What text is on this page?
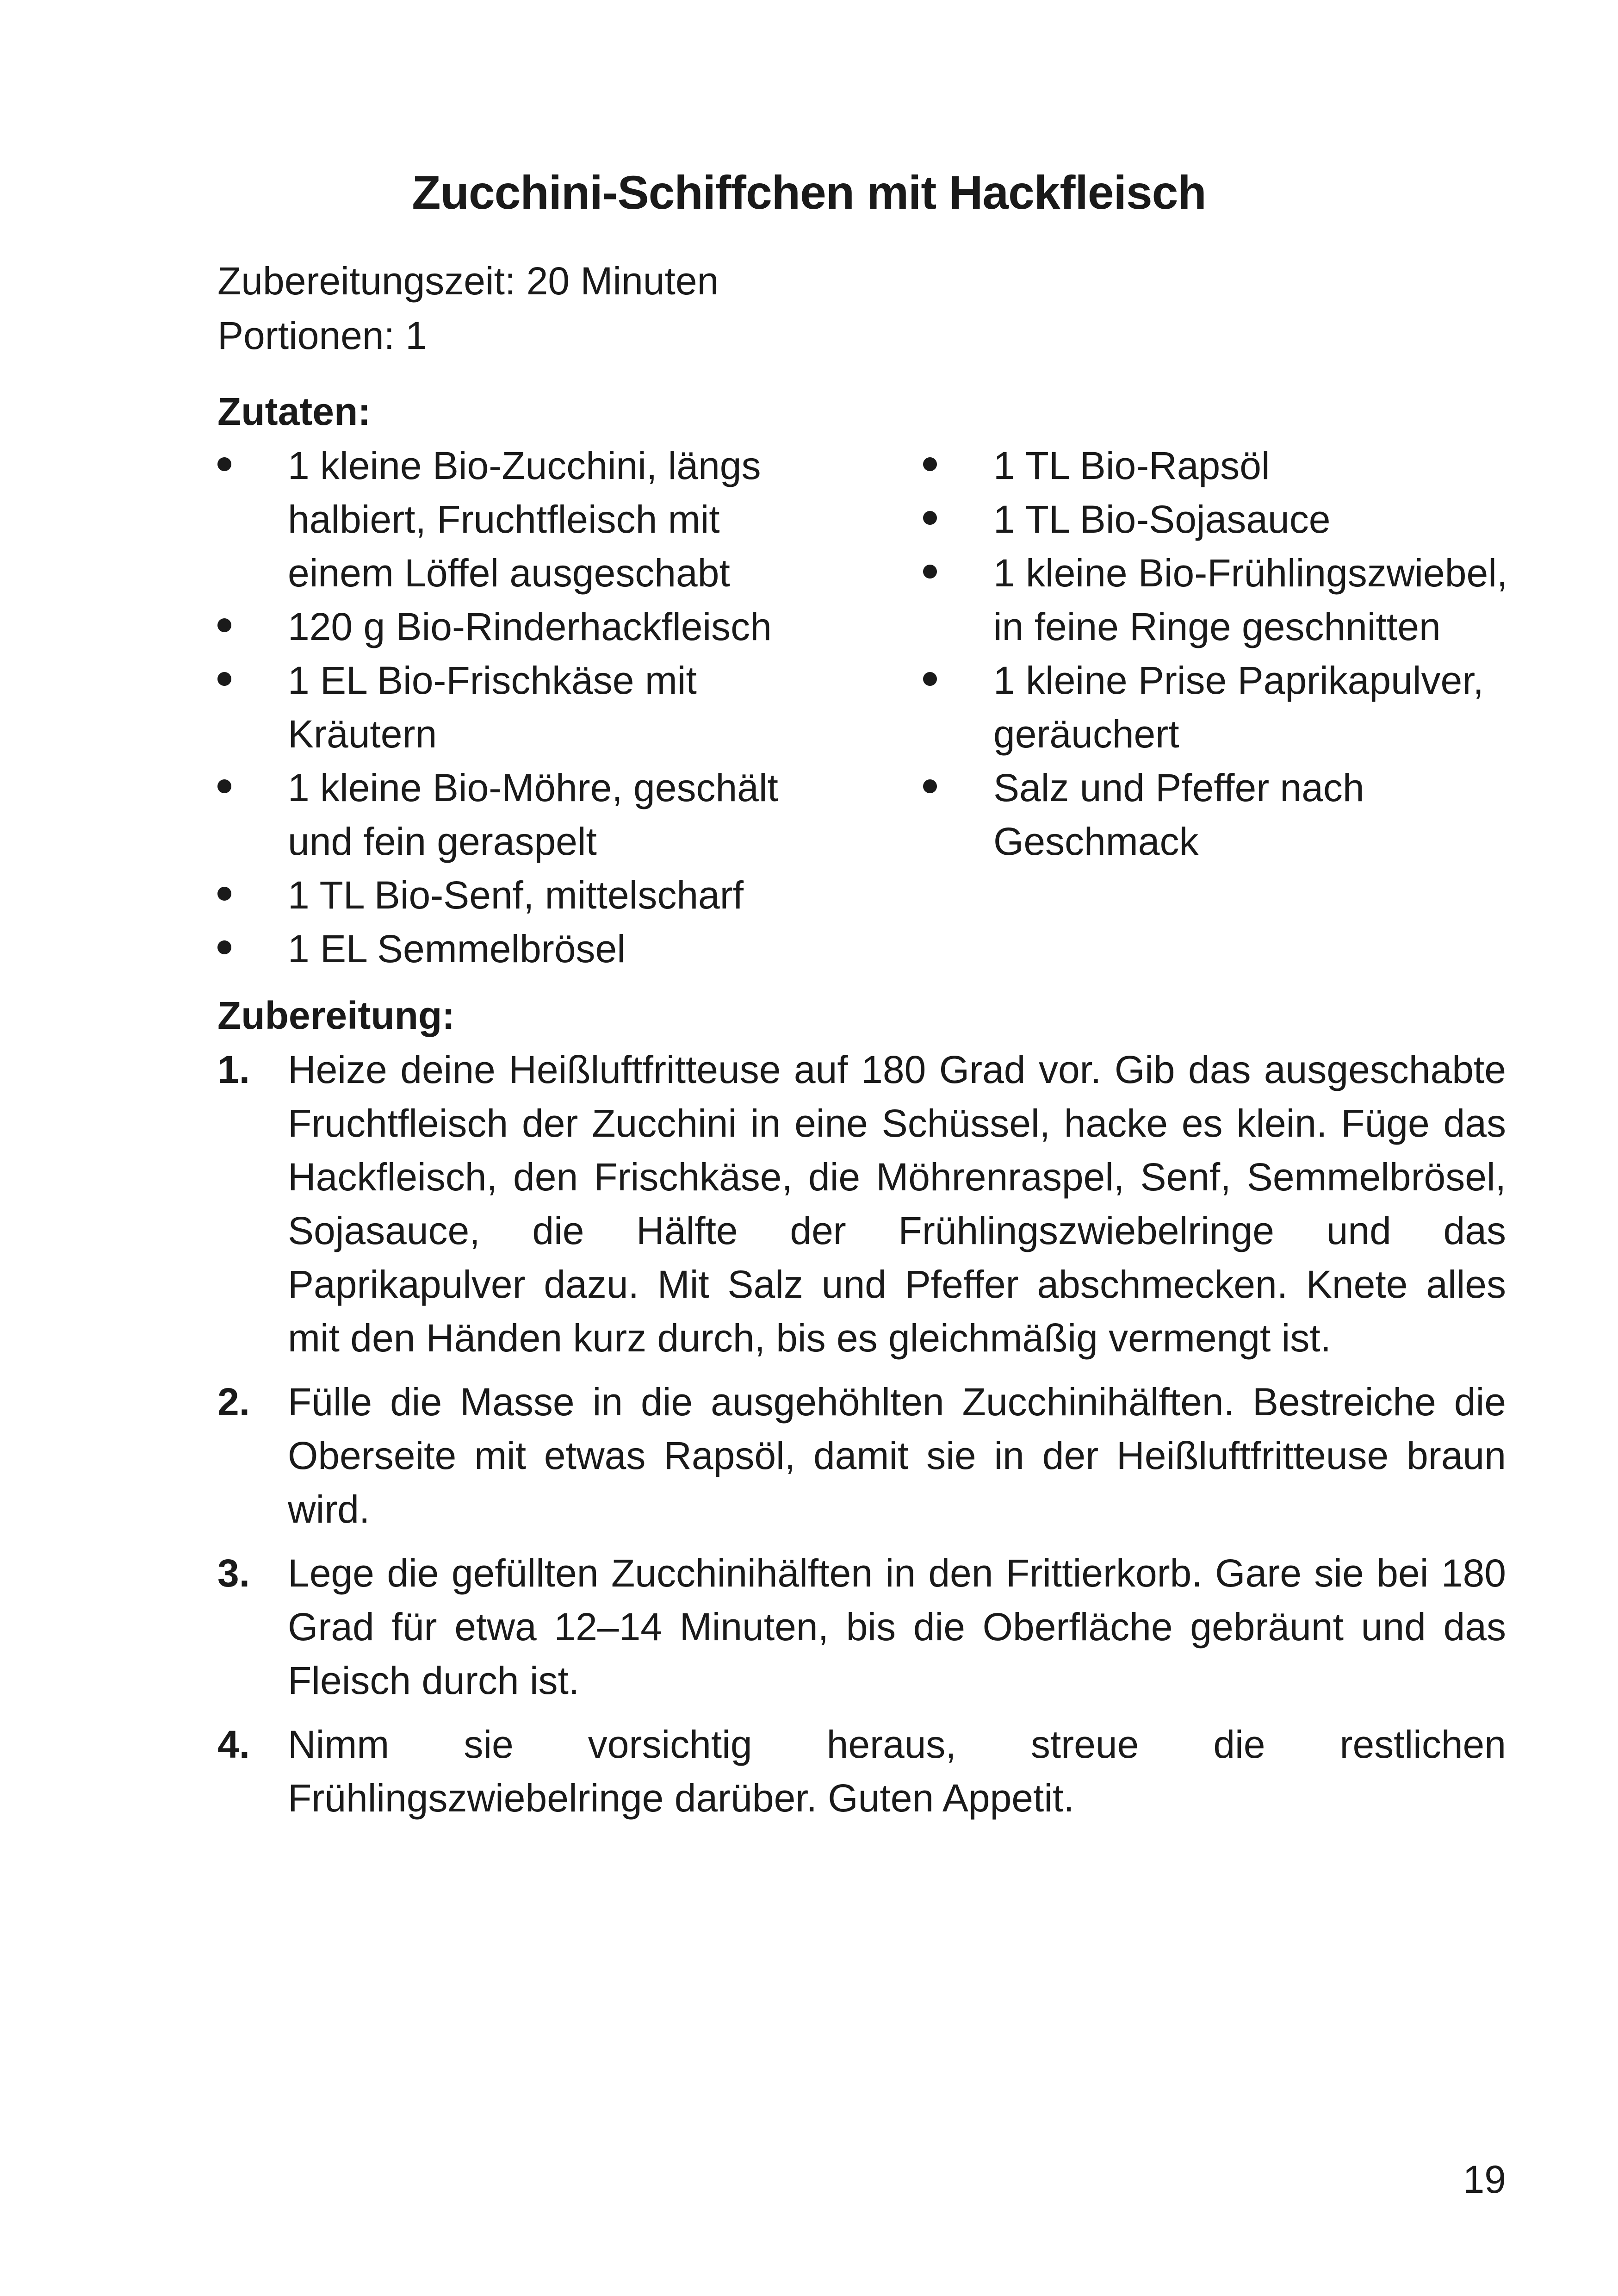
Zucchini-Schiffchen mit Hackfleisch
Zubereitungszeit: 20 Minuten
Portionen: 1
Zutaten:
1 kleine Bio-Zucchini, längs halbiert, Fruchtfleisch mit einem Löffel ausgeschabt
120 g Bio-Rinderhackfleisch
1 EL Bio-Frischkäse mit Kräutern
1 kleine Bio-Möhre, geschält und fein geraspelt
1 TL Bio-Senf, mittelscharf
1 EL Semmelbrösel
1 TL Bio-Rapsöl
1 TL Bio-Sojasauce
1 kleine Bio-Frühlingszwiebel, in feine Ringe geschnitten
1 kleine Prise Paprikapulver, geräuchert
Salz und Pfeffer nach Geschmack
Zubereitung:
1. Heize deine Heißluftfritteuse auf 180 Grad vor. Gib das ausgeschabte Fruchtfleisch der Zucchini in eine Schüssel, hacke es klein. Füge das Hackfleisch, den Frischkäse, die Möhrenraspel, Senf, Semmelbrösel, Sojasauce, die Hälfte der Frühlingszwiebelringe und das Paprikapulver dazu. Mit Salz und Pfeffer abschmecken. Knete alles mit den Händen kurz durch, bis es gleichmäßig vermengt ist.
2. Fülle die Masse in die ausgehöhlten Zucchinihälften. Bestreiche die Oberseite mit etwas Rapsöl, damit sie in der Heißluftfritteuse braun wird.
3. Lege die gefüllten Zucchinihälften in den Frittierkorb. Gare sie bei 180 Grad für etwa 12–14 Minuten, bis die Oberfläche gebräunt und das Fleisch durch ist.
4. Nimm sie vorsichtig heraus, streue die restlichen Frühlingszwiebelringe darüber. Guten Appetit.
19
